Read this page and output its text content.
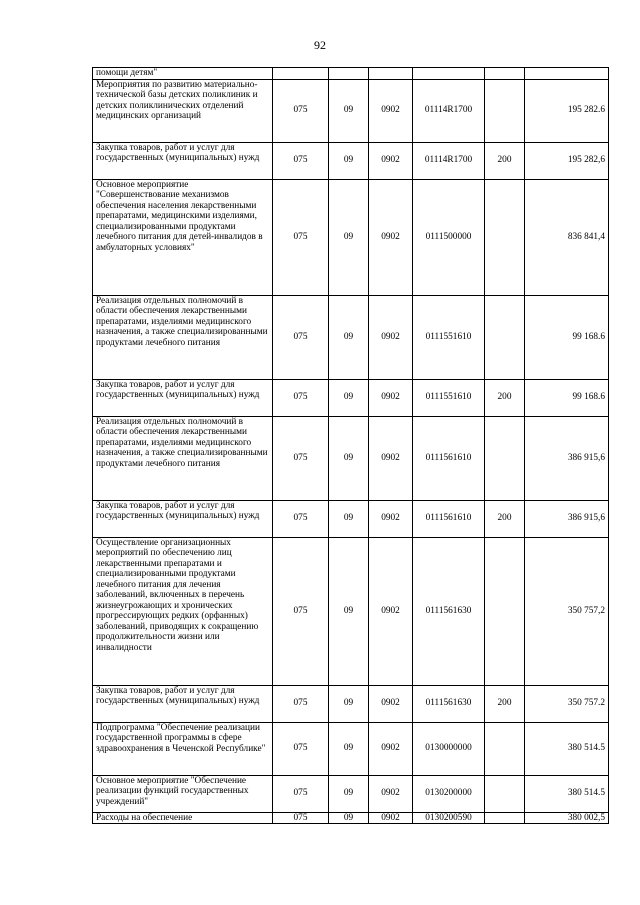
92
помощи детям"						
Мероприятия по развитию материально-технической базы детских поликлиник и детских поликлинических отделений медицинских организаций	075	09	0902	01114R1700		195 282.6
Закупка товаров, работ и услуг для государственных (муниципальных) нужд	075	09	0902	01114R1700	200	195 282,6
Основное мероприятие "Совершенствование механизмов обеспечения населения лекарственными препаратами, медицинскими изделиями, специализированными продуктами лечебного питания для детей-инвалидов в амбулаторных условиях"	075	09	0902	0111500000		836 841,4
Реализация отдельных полномочий в области обеспечения лекарственными препаратами, изделиями медицинского назначения, а также специализированными продуктами лечебного питания	075	09	0902	0111551610		99 168.6
Закупка товаров, работ и услуг для государственных (муниципальных) нужд	075	09	0902	0111551610	200	99 168.6
Реализация отдельных полномочий в области обеспечения лекарственными препаратами, изделиями медицинского назначения, а также специализированными продуктами лечебного питания	075	09	0902	0111561610		386 915,6
Закупка товаров, работ и услуг для государственных (муниципальных) нужд	075	09	0902	0111561610	200	386 915,6
Осуществление организационных мероприятий по обеспечению лиц лекарственными препаратами и специализированными продуктами лечебного питания для лечения заболеваний, включенных в перечень жизнеугрожающих и хронических прогрессирующих редких (орфанных) заболеваний, приводящих к сокращению продолжительности жизни или инвалидности	075	09	0902	0111561630		350 757,2
Закупка товаров, работ и услуг для государственных (муниципальных) нужд	075	09	0902	0111561630	200	350 757.2
Подпрограмма "Обеспечение реализации государственной программы в сфере здравоохранения в Чеченской Республике"	075	09	0902	0130000000		380 514.5
Основное мероприятие "Обеспечение реализации функций государственных учреждений"	075	09	0902	0130200000		380 514.5
Расходы на обеспечение	075	09	0902	0130200590		380 002,5
